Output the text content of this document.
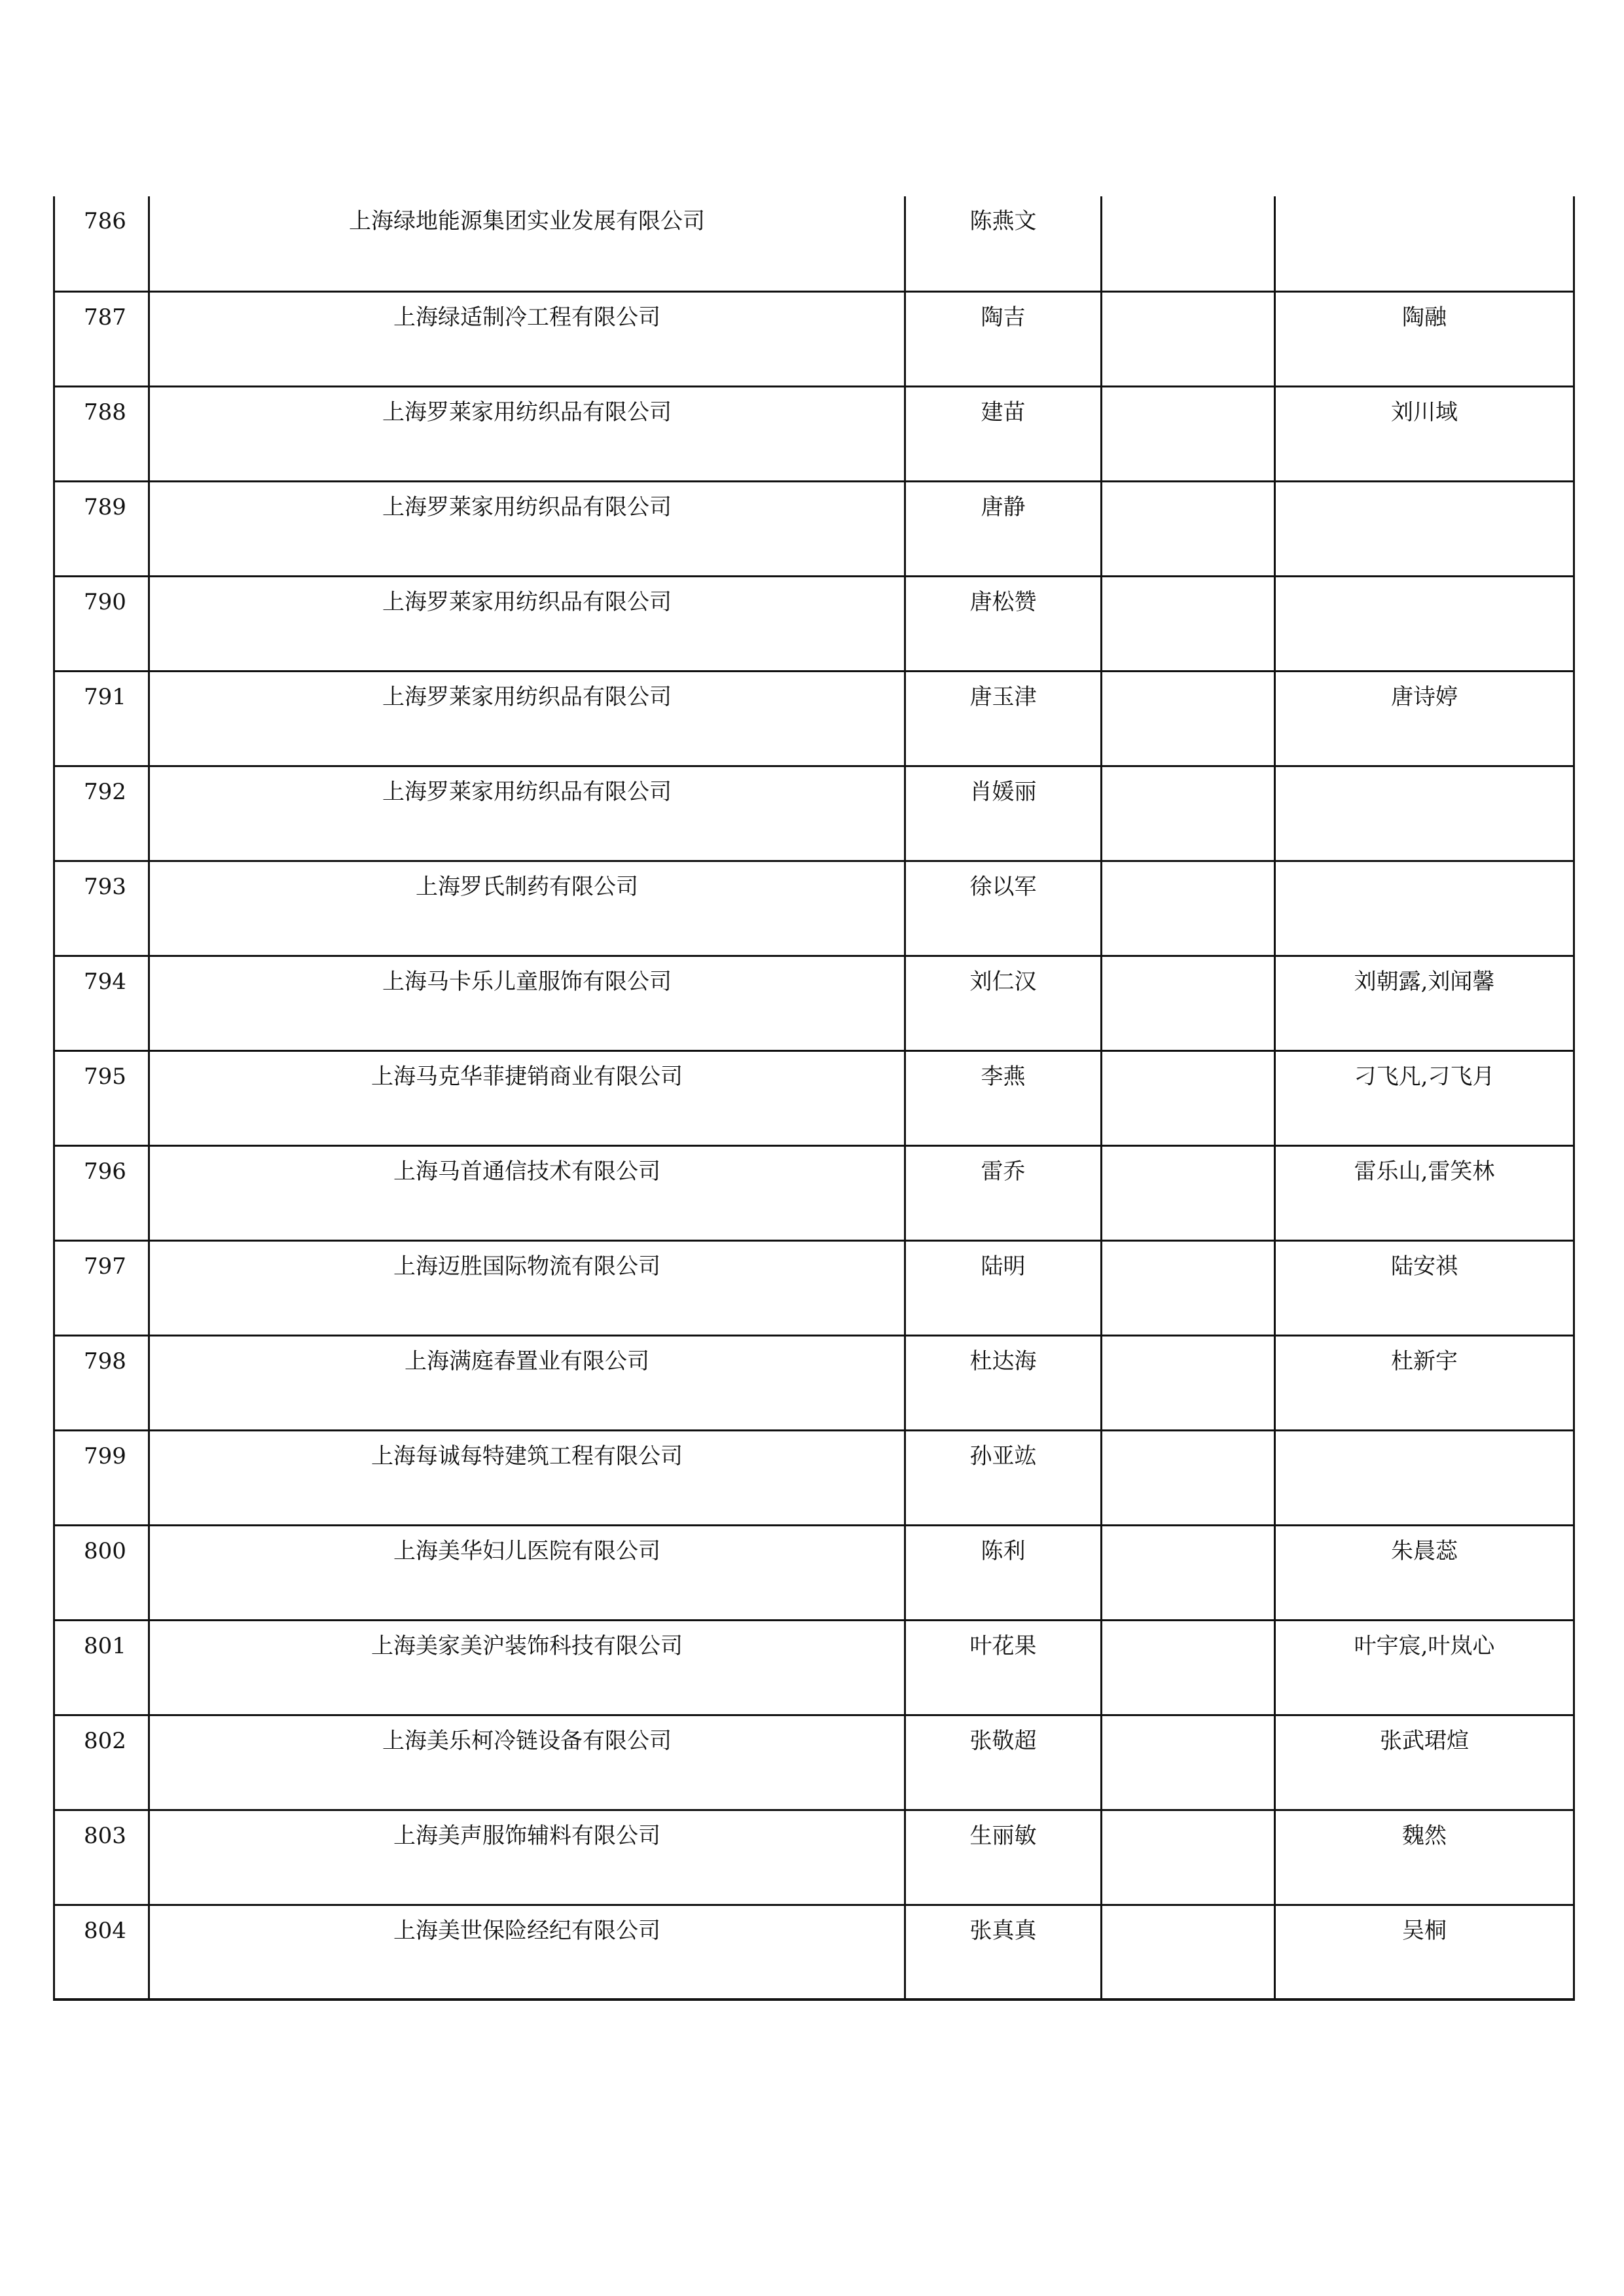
786	上海绿地能源集团实业发展有限公司	陈燕文		
787	上海绿适制冷工程有限公司	陶吉		陶融
788	上海罗莱家用纺织品有限公司	建苗		刘川域
789	上海罗莱家用纺织品有限公司	唐静		
790	上海罗莱家用纺织品有限公司	唐松赞		
791	上海罗莱家用纺织品有限公司	唐玉津		唐诗婷
792	上海罗莱家用纺织品有限公司	肖媛丽		
793	上海罗氏制药有限公司	徐以军		
794	上海马卡乐儿童服饰有限公司	刘仁汉		刘朝露,刘闻馨
795	上海马克华菲捷销商业有限公司	李燕		刁飞凡,刁飞月
796	上海马首通信技术有限公司	雷乔		雷乐山,雷笑林
797	上海迈胜国际物流有限公司	陆明		陆安祺
798	上海满庭春置业有限公司	杜达海		杜新宇
799	上海每诚每特建筑工程有限公司	孙亚竑		
800	上海美华妇儿医院有限公司	陈利		朱晨蕊
801	上海美家美沪装饰科技有限公司	叶花果		叶宇宸,叶岚心
802	上海美乐柯冷链设备有限公司	张敬超		张武珺煊
803	上海美声服饰辅料有限公司	生丽敏		魏然
804	上海美世保险经纪有限公司	张真真		吴桐
